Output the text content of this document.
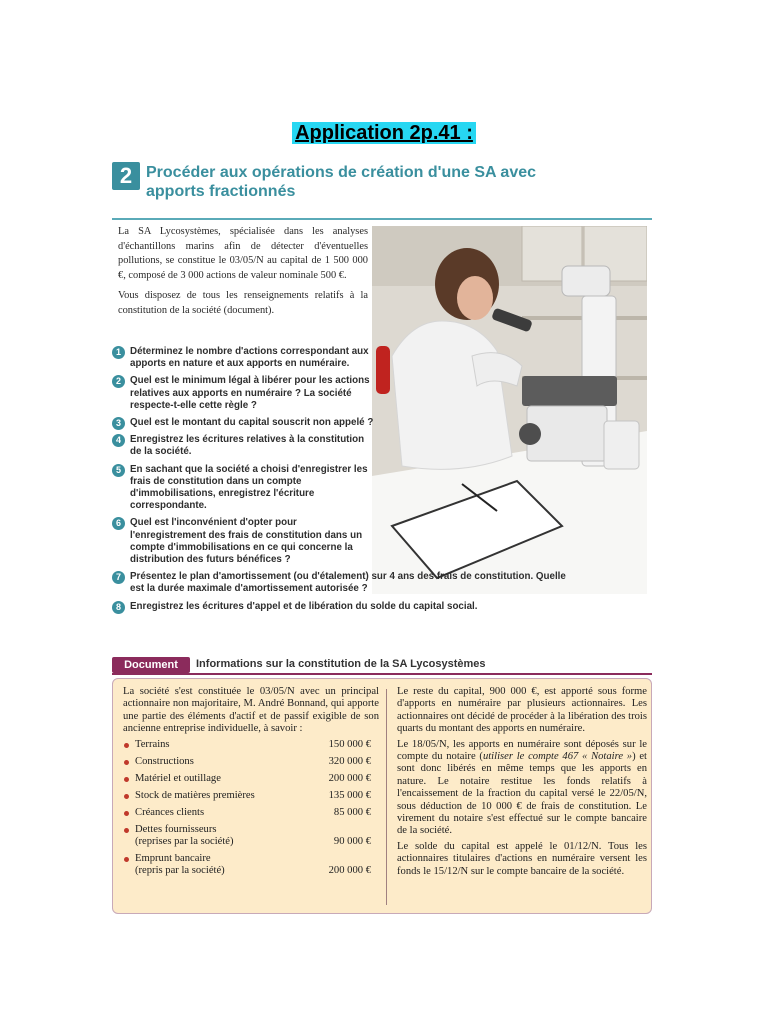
Application 2p.41 :
2 Procéder aux opérations de création d'une SA avec apports fractionnés

La SA Lycosystèmes, spécialisée dans les analyses d'échantillons marins afin de détecter d'éventuelles pollutions, se constitue le 03/05/N au capital de 1 500 000 €, composé de 3 000 actions de valeur nominale 500 €.

Vous disposez de tous les renseignements relatifs à la constitution de la société (document).

1 Déterminez le nombre d'actions correspondant aux apports en nature et aux apports en numéraire.
2 Quel est le minimum légal à libérer pour les actions relatives aux apports en numéraire ? La société respecte-t-elle cette règle ?
3 Quel est le montant du capital souscrit non appelé ?
4 Enregistrez les écritures relatives à la constitution de la société.
5 En sachant que la société a choisi d'enregistrer les frais de constitution dans un compte d'immobilisations, enregistrez l'écriture correspondante.
6 Quel est l'inconvénient d'opter pour l'enregistrement des frais de constitution dans un compte d'immobilisations en ce qui concerne la distribution des futurs bénéfices ?
7 Présentez le plan d'amortissement (ou d'étalement) sur 4 ans des frais de constitution. Quelle est la durée maximale d'amortissement autorisée ?
8 Enregistrez les écritures d'appel et de libération du solde du capital social.
Document	Informations sur la constitution de la SA Lycosystèmes
La société s'est constituée le 03/05/N avec un principal actionnaire non majoritaire, M. André Bonnand, qui apporte une partie des éléments d'actif et de passif exigible de son ancienne entreprise individuelle, à savoir :
Terrains	150 000 €
Constructions	320 000 €
Matériel et outillage	200 000 €
Stock de matières premières	135 000 €
Créances clients	85 000 €
Dettes fournisseurs
(reprises par la société)	90 000 €
Emprunt bancaire
(repris par la société)	200 000 €

Le reste du capital, 900 000 €, est apporté sous forme d'apports en numéraire par plusieurs actionnaires. Les actionnaires ont décidé de procéder à la libération des trois quarts du montant des apports en numéraire.

Le 18/05/N, les apports en numéraire sont déposés sur le compte du notaire (utiliser le compte 467 « Notaire ») et sont donc libérés en même temps que les apports en nature. Le notaire restitue les fonds relatifs à l'encaissement de la fraction du capital versé le 22/05/N, sous déduction de 10 000 € de frais de constitution. Le virement du notaire s'est effectué sur le compte bancaire de la société.

Le solde du capital est appelé le 01/12/N. Tous les actionnaires titulaires d'actions en numéraire versent les fonds le 15/12/N sur le compte bancaire de la société.
